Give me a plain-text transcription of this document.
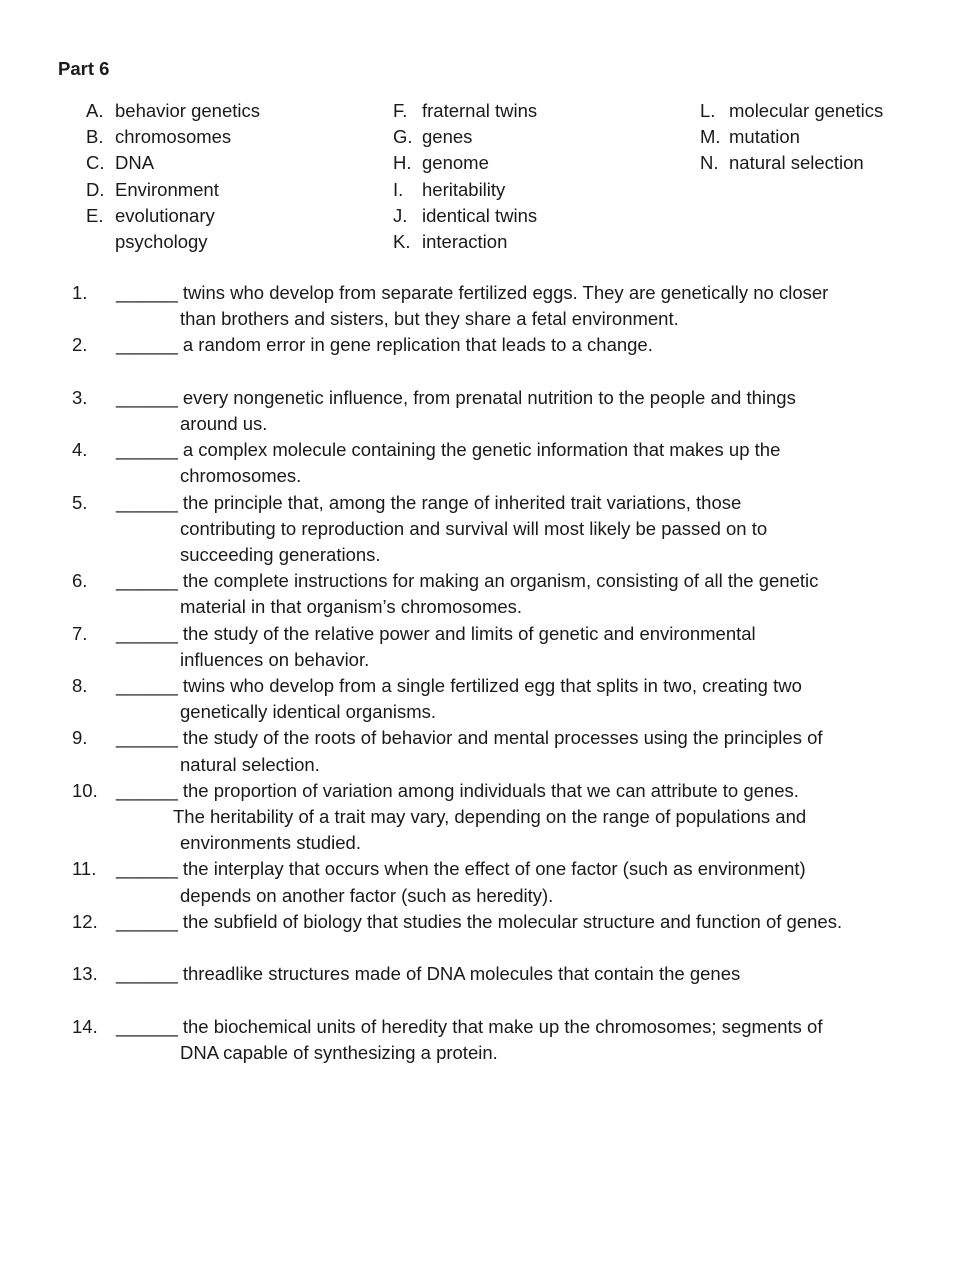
Part 6
A. behavior genetics
B. chromosomes
C. DNA
D. Environment
E. evolutionary psychology
F. fraternal twins
G. genes
H. genome
I.	heritability
J. identical twins
K. interaction
L. molecular genetics
M. mutation
N. natural selection
1.	______ twins who develop from separate fertilized eggs. They are genetically no closer
than brothers and sisters, but they share a fetal environment.
2.	______ a random error in gene replication that leads to a change.
3.	______ every nongenetic influence, from prenatal nutrition to the people and things
around us.
4.	______ a complex molecule containing the genetic information that makes up the
chromosomes.
5.	______ the principle that, among the range of inherited trait variations, those
contributing to reproduction and survival will most likely be passed on to
succeeding generations.
6.	______ the complete instructions for making an organism, consisting of all the genetic
material in that organism’s chromosomes.
7.	______ the study of the relative power and limits of genetic and environmental
influences on behavior.
8.	______ twins who develop from a single fertilized egg that splits in two, creating two
genetically identical organisms.
9.	______ the study of the roots of behavior and mental processes using the principles of
natural selection.
10. ______ the proportion of variation among individuals that we can attribute to genes.
The heritability of a trait may vary, depending on the range of populations and
environments studied.
11.	______ the interplay that occurs when the effect of one factor (such as environment)
depends on another factor (such as heredity).
12. ______ the subfield of biology that studies the molecular structure and function of genes.
13. ______ threadlike structures made of DNA molecules that contain the genes
14. ______ the biochemical units of heredity that make up the chromosomes; segments of
DNA capable of synthesizing a protein.
